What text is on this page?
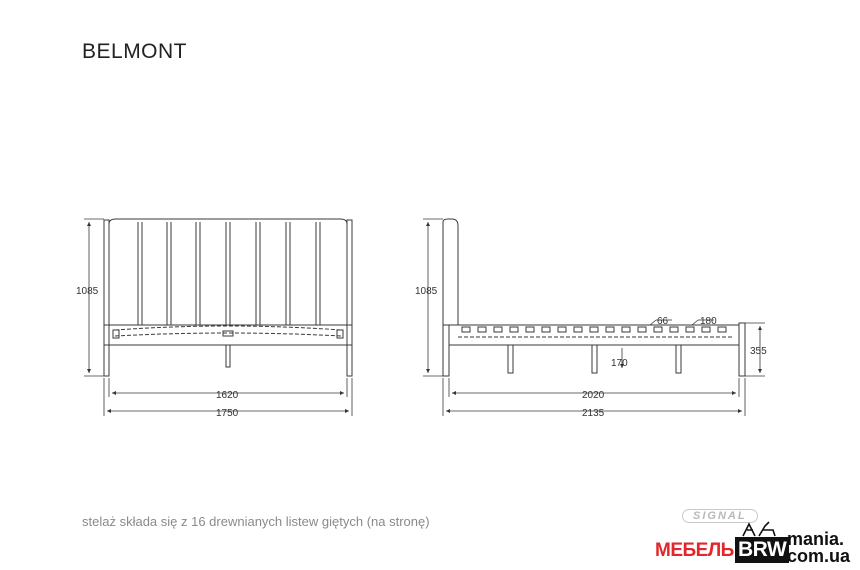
BELMONT
1085
1620
1750
1085
66	180
170
355
2020
2135
stelaż składa się z 16 drewnianych listew giętych (na stronę)	SIGNAL
МЕБЕЛЬ BRW mania.
com.ua
